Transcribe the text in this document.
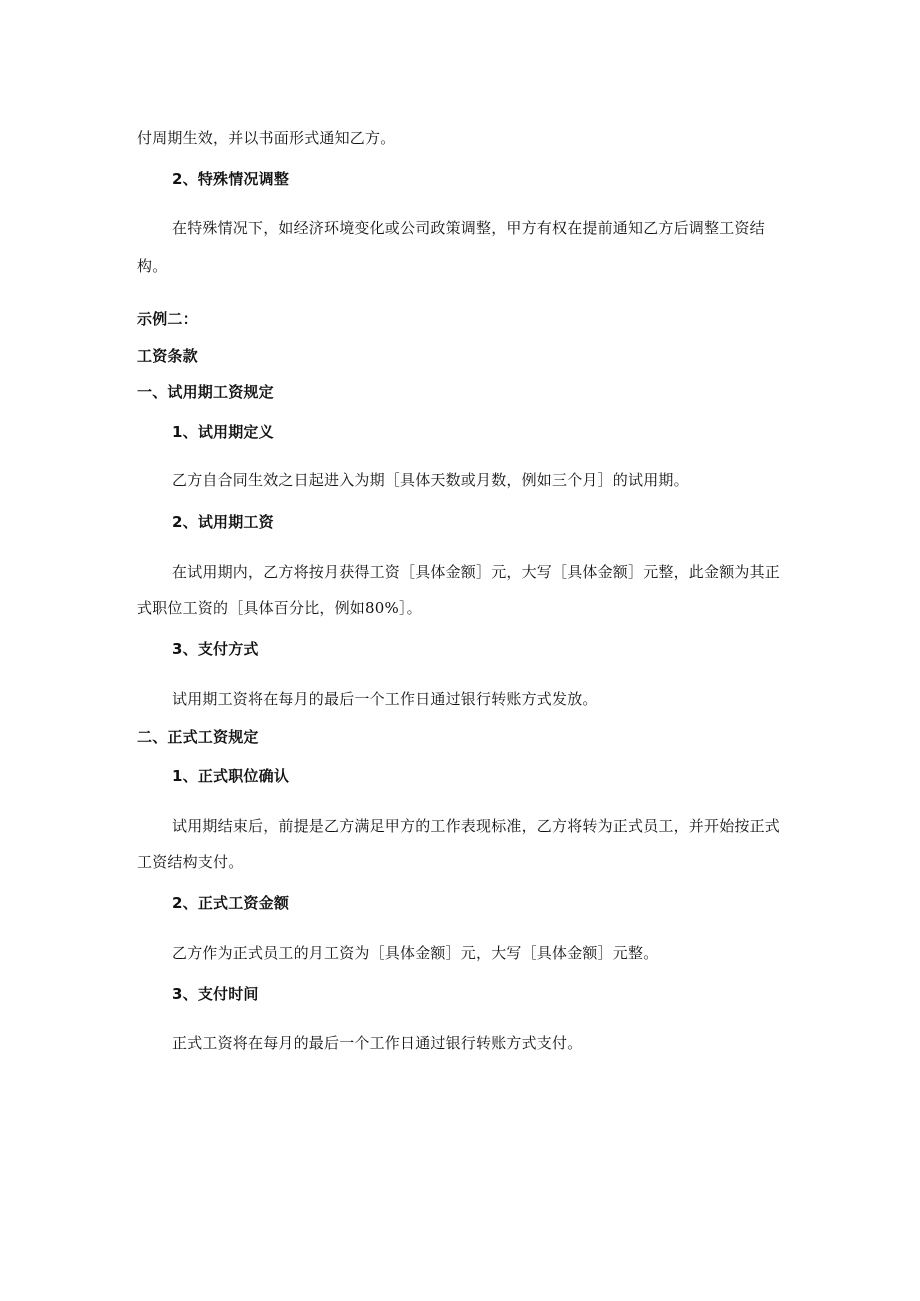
付周期生效，并以书面形式通知乙方。
2、特殊情况调整
在特殊情况下，如经济环境变化或公司政策调整，甲方有权在提前通知乙方后调整工资结
构。
示例二：
工资条款
一、试用期工资规定
1、试用期定义
乙方自合同生效之日起进入为期［具体天数或月数，例如三个月］的试用期。
2、试用期工资
在试用期内，乙方将按月获得工资［具体金额］元，大写［具体金额］元整，此金额为其正
式职位工资的［具体百分比，例如80%］。
3、支付方式
试用期工资将在每月的最后一个工作日通过银行转账方式发放。
二、正式工资规定
1、正式职位确认
试用期结束后，前提是乙方满足甲方的工作表现标准，乙方将转为正式员工，并开始按正式
工资结构支付。
2、正式工资金额
乙方作为正式员工的月工资为［具体金额］元，大写［具体金额］元整。
3、支付时间
正式工资将在每月的最后一个工作日通过银行转账方式支付。
